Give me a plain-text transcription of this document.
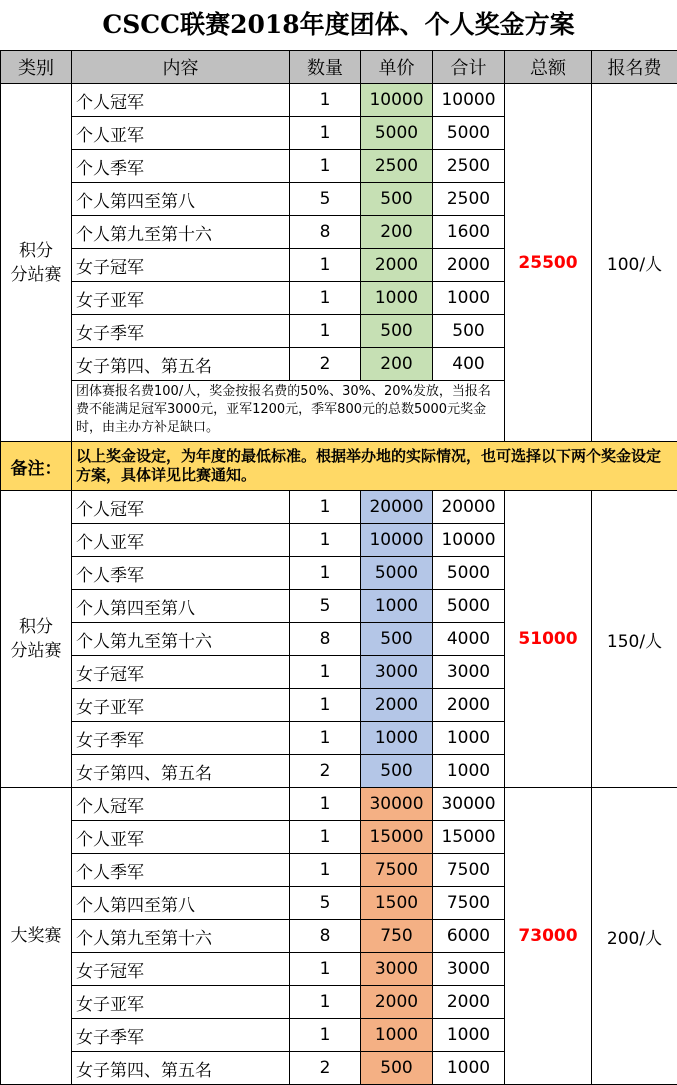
CSCC联赛2018年度团体、个人奖金方案
类别	内容	数量	单价	合计	总额	报名费
积分
分站赛	个人冠军	1	10000	10000	25500	100/人
	个人亚军	1	5000	5000		
	个人季军	1	2500	2500		
	个人第四至第八	5	500	2500		
	个人第九至第十六	8	200	1600		
	女子冠军	1	2000	2000		
	女子亚军	1	1000	1000		
	女子季军	1	500	500		
	女子第四、第五名	2	200	400		
	团体赛报名费100/人，奖金按报名费的50%、30%、20%发放，当报名费不能满足冠军3000元，亚军1200元，季军800元的总数5000元奖金时，由主办方补足缺口。					
备注：	以上奖金设定，为年度的最低标准。根据举办地的实际情况，也可选择以下两个奖金设定方案，具体详见比赛通知。					
积分
分站赛	个人冠军	1	20000	20000	51000	150/人
	个人亚军	1	10000	10000		
	个人季军	1	5000	5000		
	个人第四至第八	5	1000	5000		
	个人第九至第十六	8	500	4000		
	女子冠军	1	3000	3000		
	女子亚军	1	2000	2000		
	女子季军	1	1000	1000		
	女子第四、第五名	2	500	1000		
大奖赛	个人冠军	1	30000	30000	73000	200/人
	个人亚军	1	15000	15000		
	个人季军	1	7500	7500		
	个人第四至第八	5	1500	7500		
	个人第九至第十六	8	750	6000		
	女子冠军	1	3000	3000		
	女子亚军	1	2000	2000		
	女子季军	1	1000	1000		
	女子第四、第五名	2	500	1000		
